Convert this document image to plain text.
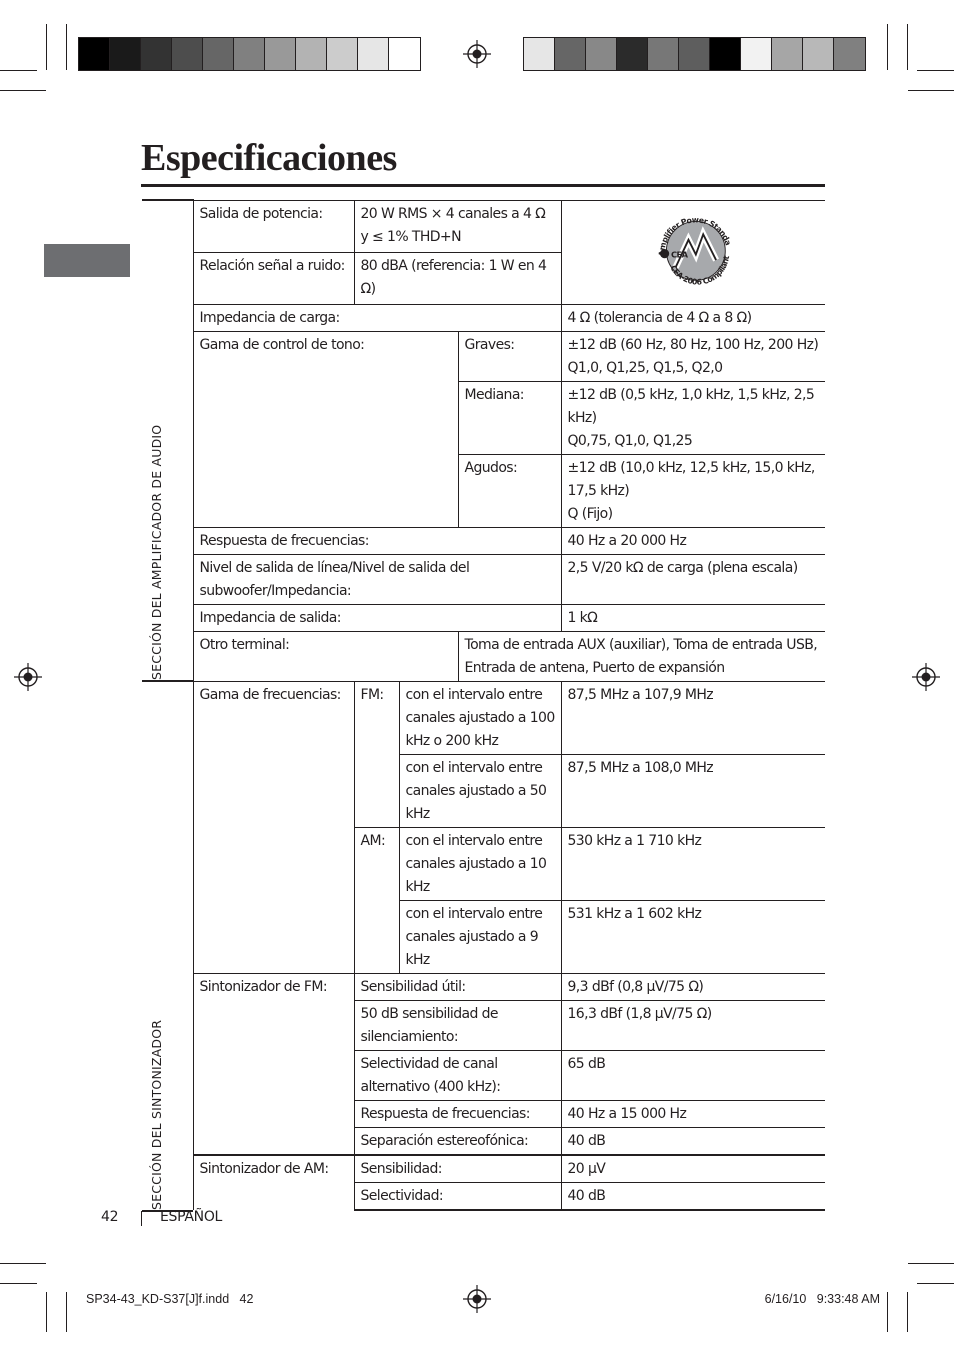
Especificaciones
SECCIÓN DEL AMPLIFICADOR DE AUDIO	Salida de potencia:	20 W RMS × 4 canales a 4 Ω y ≤ 1% THD+N			Amplifier Power Standa
CEA-2006 Compliant
CEA

	Relación señal a ruido:	80 dBA (referencia: 1 W en 4 Ω)			
	Impedancia de carga:				4 Ω (tolerancia de 4 Ω a 8 Ω)
	Gama de control de tono:			Graves:	±12 dB (60 Hz, 80 Hz, 100 Hz, 200 Hz)
Q1,0, Q1,25, Q1,5, Q2,0

				Mediana:	±12 dB (0,5 kHz, 1,0 kHz, 1,5 kHz, 2,5 kHz)
Q0,75, Q1,0, Q1,25

				Agudos:	±12 dB (10,0 kHz, 12,5 kHz, 15,0 kHz, 17,5 kHz)
Q (Fijo)

	Respuesta de frecuencias:				40 Hz a 20 000 Hz
	Nivel de salida de línea/Nivel de salida del subwoofer/Impedancia:				2,5 V/20 kΩ de carga (plena escala)
	Impedancia de salida:				1 kΩ
	Otro terminal:			Toma de entrada AUX (auxiliar), Toma de entrada USB, Entrada de antena, Puerto de expansión	

SECCIÓN DEL SINTONIZADOR	Gama de frecuencias:	FM:	con el intervalo entre canales ajustado a 100 kHz o 200 kHz		87,5 MHz a 107,9 MHz
			con el intervalo entre canales ajustado a 50 kHz		87,5 MHz a 108,0 MHz
		AM:	con el intervalo entre canales ajustado a 10 kHz		530 kHz a 1 710 kHz
			con el intervalo entre canales ajustado a 9 kHz		531 kHz a 1 602 kHz
	Sintonizador de FM:	Sensibilidad útil:			9,3 dBf (0,8 μV/75 Ω)
		50 dB sensibilidad de silenciamiento:			16,3 dBf (1,8 μV/75 Ω)
		Selectividad de canal alternativo (400 kHz):			65 dB
		Respuesta de frecuencias:			40 Hz a 15 000 Hz
		Separación estereofónica:			40 dB
	Sintonizador de AM:	Sensibilidad:			20 μV
		Selectividad:			40 dB

42	ESPAÑOL
SP34-43_KD-S37[J]f.indd   42	6/16/10   9:33:48 AM
